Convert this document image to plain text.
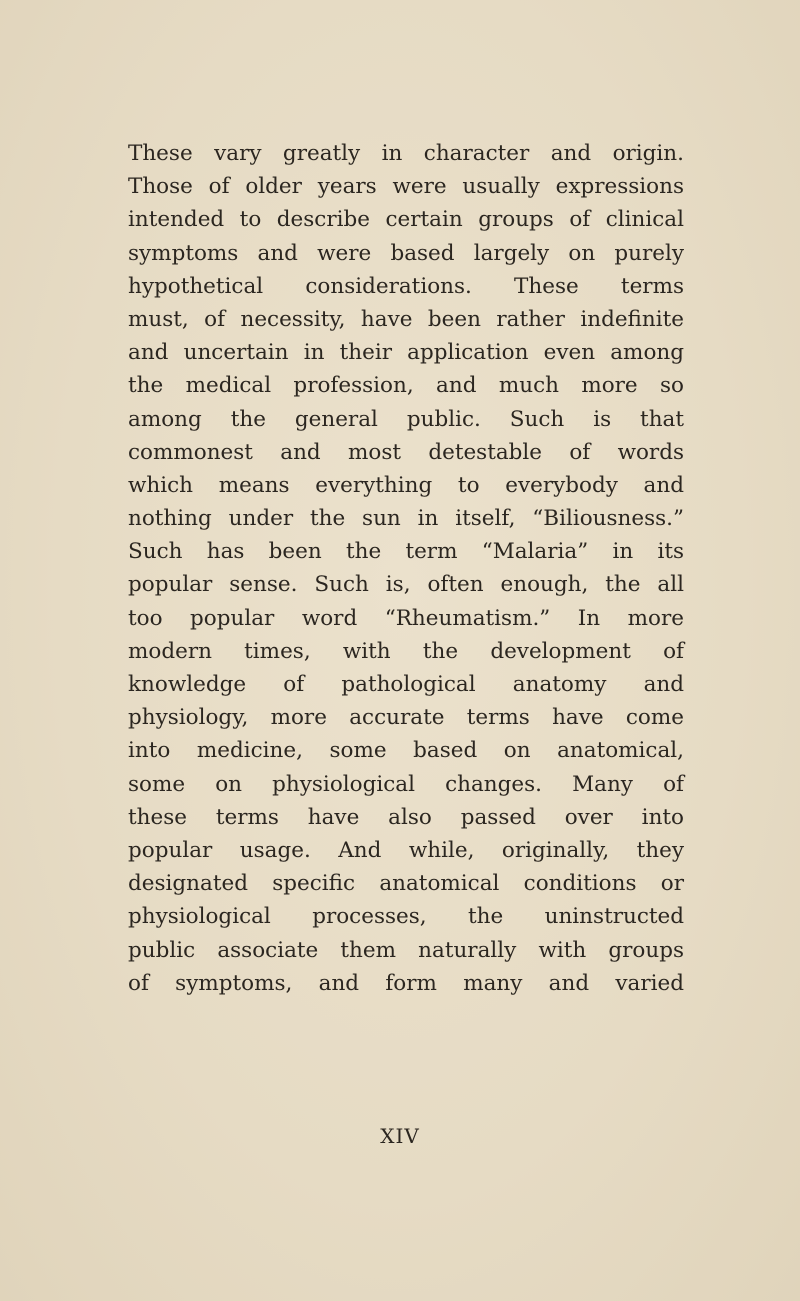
These vary greatly in character and origin.
Those of older years were usually expressions
intended to describe certain groups of clinical
symptoms and were based largely on purely
hypothetical considerations. These terms
must, of necessity, have been rather indefinite
and uncertain in their application even among
the medical profession, and much more so
among the general public. Such is that
commonest and most detestable of words
which means everything to everybody and
nothing under the sun in itself, “Biliousness.”
Such has been the term “Malaria” in its
popular sense. Such is, often enough, the all
too popular word “Rheumatism.” In more
modern times, with the development of
knowledge of pathological anatomy and
physiology, more accurate terms have come
into medicine, some based on anatomical,
some on physiological changes. Many of
these terms have also passed over into
popular usage. And while, originally, they
designated specific anatomical conditions or
physiological processes, the uninstructed
public associate them naturally with groups
of symptoms, and form many and varied
XIV
